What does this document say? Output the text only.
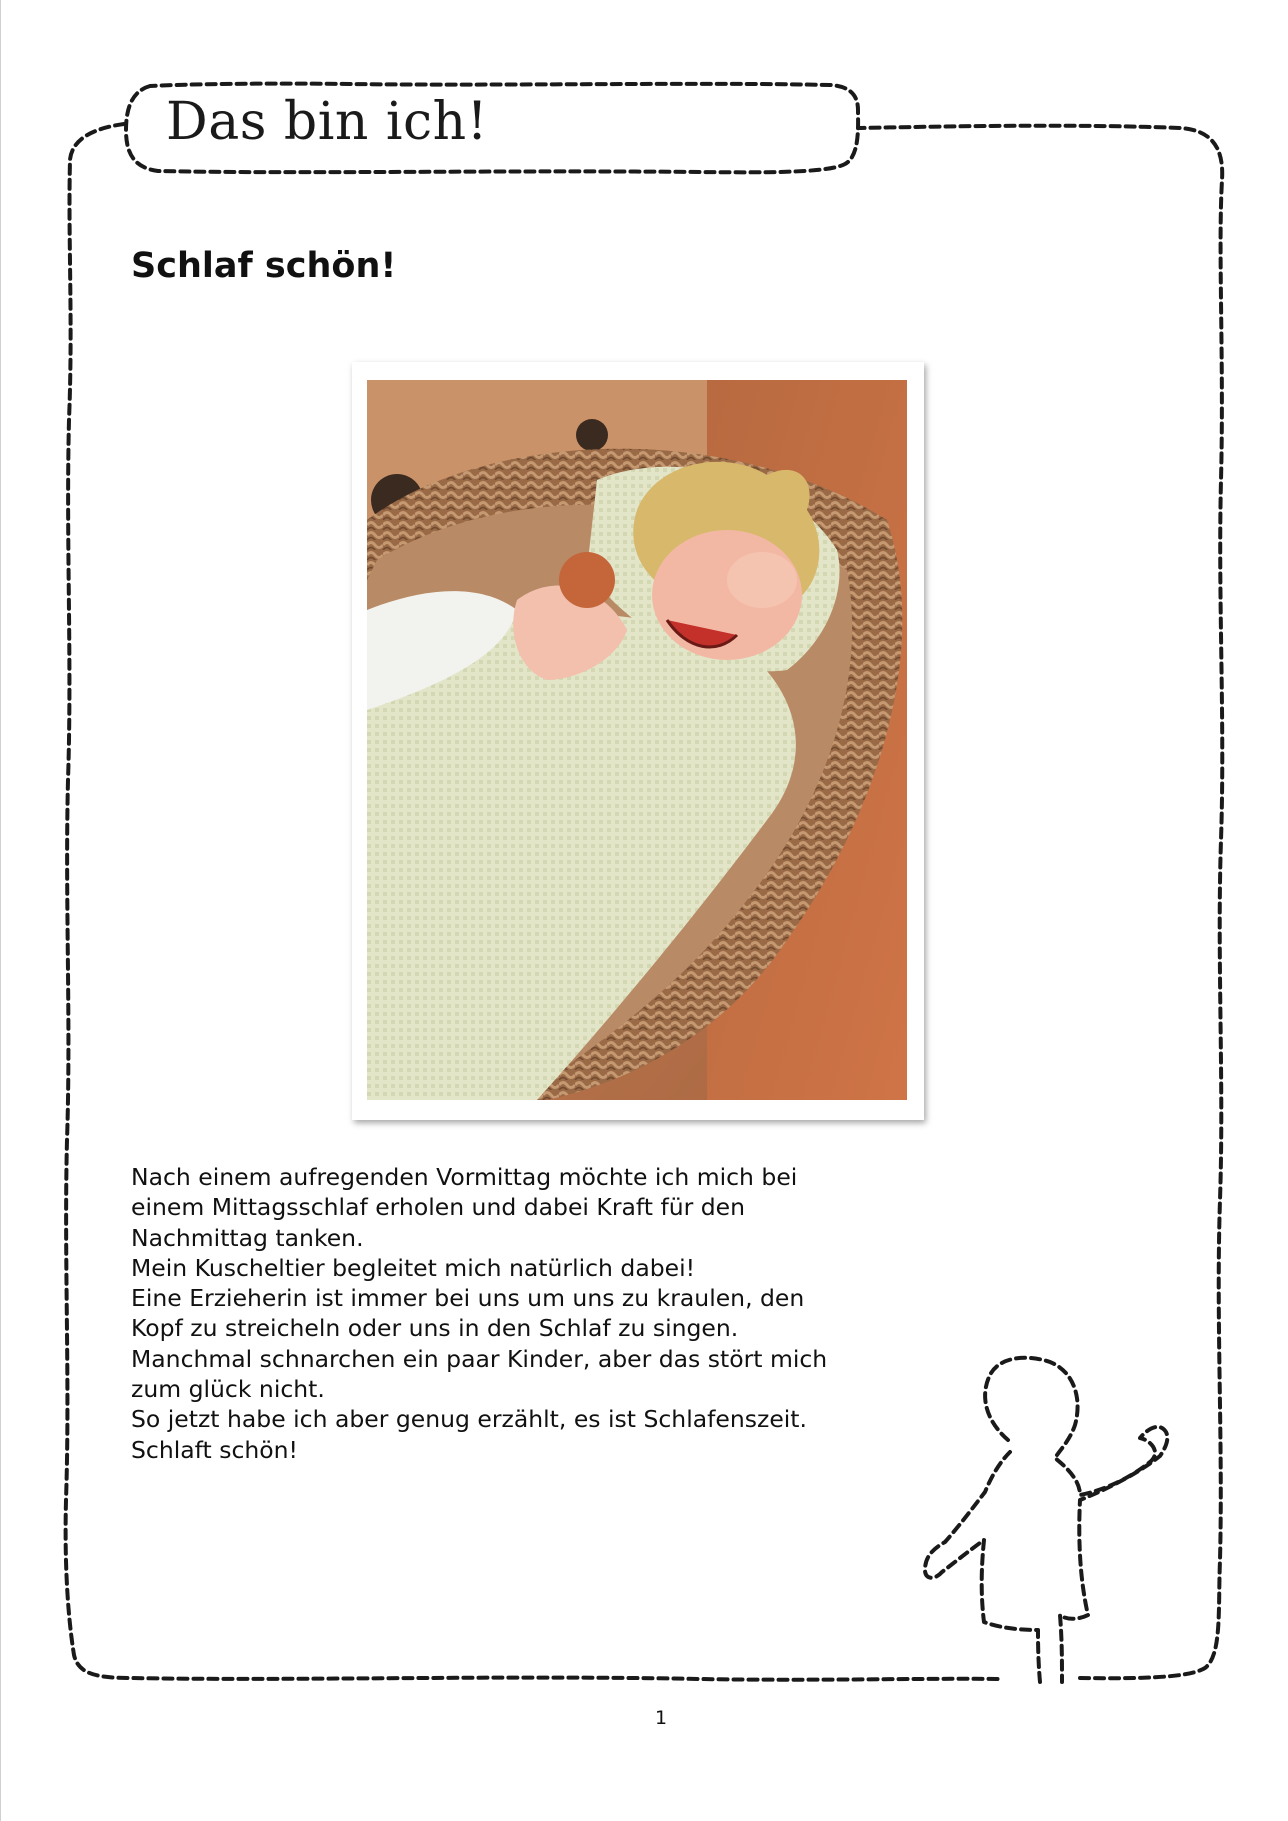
Das bin ich!
Schlaf schön!
Nach einem aufregenden Vormittag möchte ich mich bei
einem Mittagsschlaf erholen und dabei Kraft für den
Nachmittag tanken.
Mein Kuscheltier begleitet mich natürlich dabei!
Eine Erzieherin ist immer bei uns um uns zu kraulen, den
Kopf zu streicheln oder uns in den Schlaf zu singen.
Manchmal schnarchen ein paar Kinder, aber das stört mich
zum glück nicht.
So jetzt habe ich aber genug erzählt, es ist Schlafenszeit.
Schlaft schön!
1
